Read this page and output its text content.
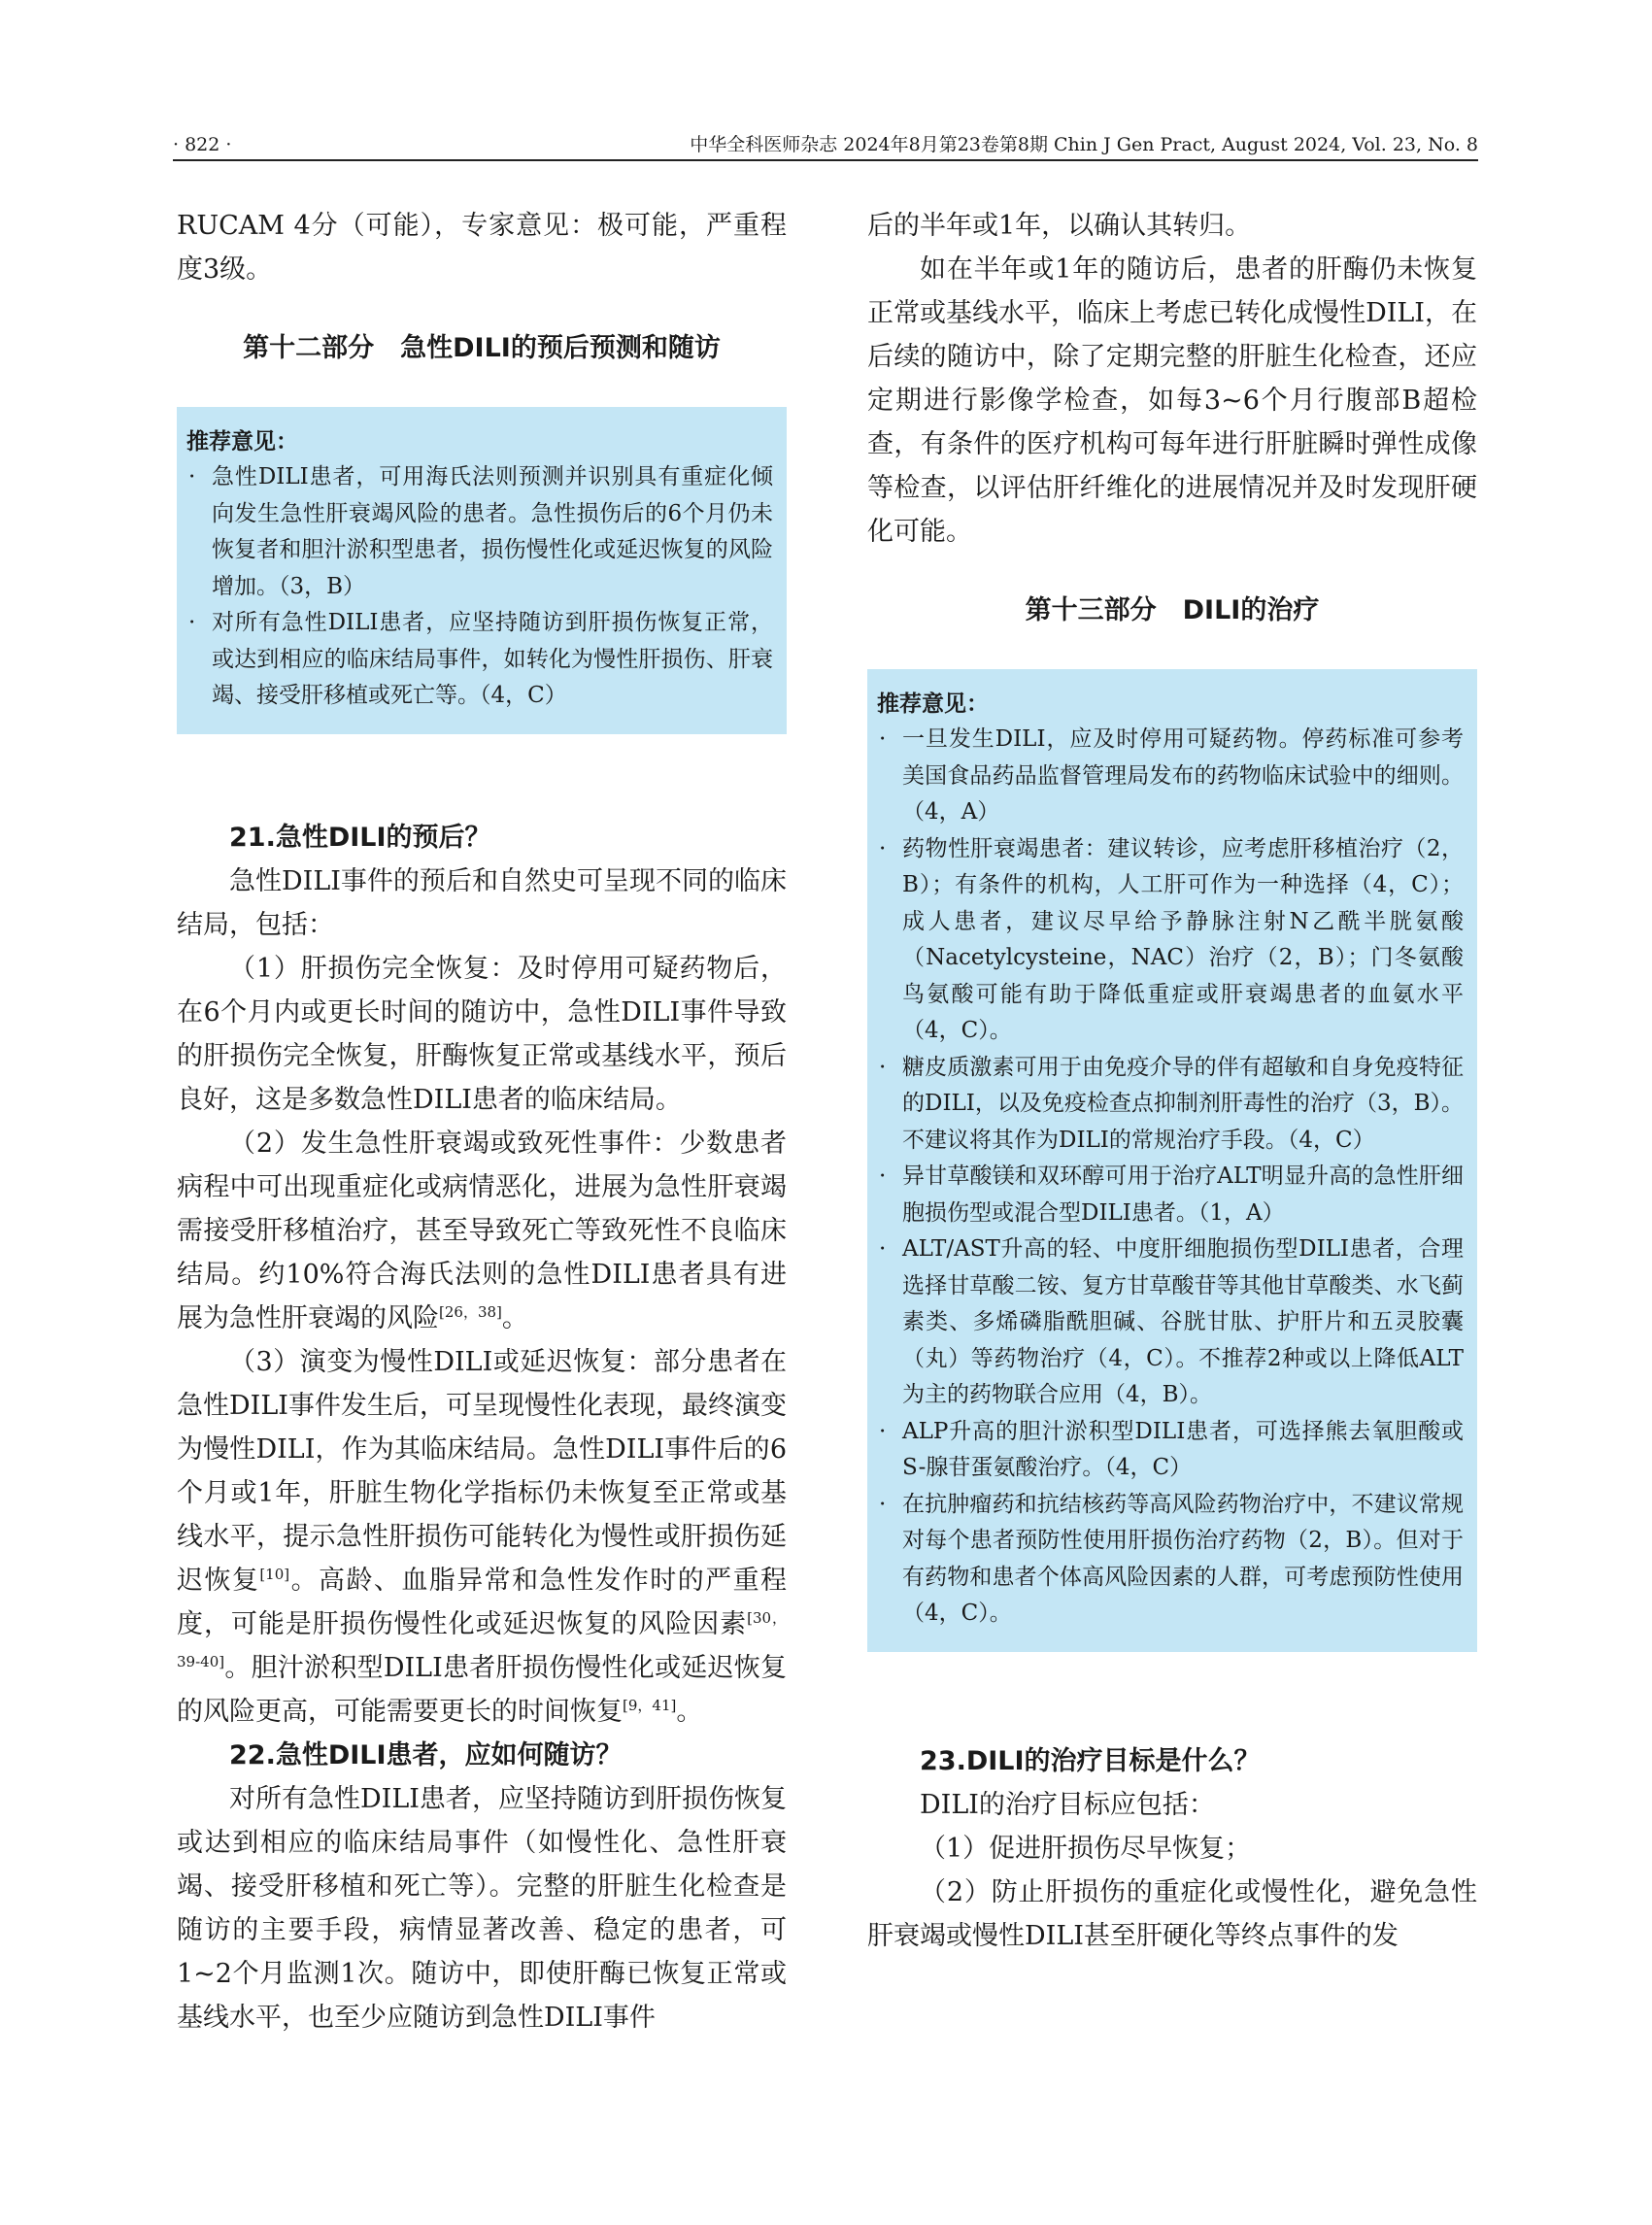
· 822 ·	中华全科医师杂志 2024年8月第23卷第8期 Chin J Gen Pract, August 2024, Vol. 23, No. 8

RUCAM 4分（可能），专家意见：极可能，严重程度3级。

第十二部分　急性DILI的预后预测和随访
推荐意见：
· 急性DILI患者，可用海氏法则预测并识别具有重症化倾向发生急性肝衰竭风险的患者。急性损伤后的6个月仍未恢复者和胆汁淤积型患者，损伤慢性化或延迟恢复的风险增加。（3，B）
· 对所有急性DILI患者，应坚持随访到肝损伤恢复正常，或达到相应的临床结局事件，如转化为慢性肝损伤、肝衰竭、接受肝移植或死亡等。（4，C）
21.急性DILI的预后？

急性DILI事件的预后和自然史可呈现不同的临床结局，包括：

（1）肝损伤完全恢复：及时停用可疑药物后，在6个月内或更长时间的随访中，急性DILI事件导致的肝损伤完全恢复，肝酶恢复正常或基线水平，预后良好，这是多数急性DILI患者的临床结局。

（2）发生急性肝衰竭或致死性事件：少数患者病程中可出现重症化或病情恶化，进展为急性肝衰竭需接受肝移植治疗，甚至导致死亡等致死性不良临床结局。约10%符合海氏法则的急性DILI患者具有进展为急性肝衰竭的风险[26，38]。

（3）演变为慢性DILI或延迟恢复：部分患者在急性DILI事件发生后，可呈现慢性化表现，最终演变为慢性DILI，作为其临床结局。急性DILI事件后的6个月或1年，肝脏生物化学指标仍未恢复至正常或基线水平，提示急性肝损伤可能转化为慢性或肝损伤延迟恢复[10]。高龄、血脂异常和急性发作时的严重程度，可能是肝损伤慢性化或延迟恢复的风险因素[30，39-40]。胆汁淤积型DILI患者肝损伤慢性化或延迟恢复的风险更高，可能需要更长的时间恢复[9，41]。

22.急性DILI患者，应如何随访？

对所有急性DILI患者，应坚持随访到肝损伤恢复或达到相应的临床结局事件（如慢性化、急性肝衰竭、接受肝移植和死亡等）。完整的肝脏生化检查是随访的主要手段，病情显著改善、稳定的患者，可1~2个月监测1次。随访中，即使肝酶已恢复正常或基线水平，也至少应随访到急性DILI事件

后的半年或1年，以确认其转归。

如在半年或1年的随访后，患者的肝酶仍未恢复正常或基线水平，临床上考虑已转化成慢性DILI，在后续的随访中，除了定期完整的肝脏生化检查，还应定期进行影像学检查，如每3~6个月行腹部B超检查，有条件的医疗机构可每年进行肝脏瞬时弹性成像等检查，以评估肝纤维化的进展情况并及时发现肝硬化可能。

第十三部分　DILI的治疗
推荐意见：
· 一旦发生DILI，应及时停用可疑药物。停药标准可参考美国食品药品监督管理局发布的药物临床试验中的细则。（4，A）
· 药物性肝衰竭患者：建议转诊，应考虑肝移植治疗（2，B）；有条件的机构，人工肝可作为一种选择（4，C）；成人患者，建议尽早给予静脉注射N乙酰半胱氨酸（Nacetylcysteine，NAC）治疗（2，B）；门冬氨酸鸟氨酸可能有助于降低重症或肝衰竭患者的血氨水平（4，C）。
· 糖皮质激素可用于由免疫介导的伴有超敏和自身免疫特征的DILI，以及免疫检查点抑制剂肝毒性的治疗（3，B）。不建议将其作为DILI的常规治疗手段。（4，C）
· 异甘草酸镁和双环醇可用于治疗ALT明显升高的急性肝细胞损伤型或混合型DILI患者。（1，A）
· ALT/AST升高的轻、中度肝细胞损伤型DILI患者，合理选择甘草酸二铵、复方甘草酸苷等其他甘草酸类、水飞蓟素类、多烯磷脂酰胆碱、谷胱甘肽、护肝片和五灵胶囊（丸）等药物治疗（4，C）。不推荐2种或以上降低ALT为主的药物联合应用（4，B）。
· ALP升高的胆汁淤积型DILI患者，可选择熊去氧胆酸或S-腺苷蛋氨酸治疗。（4，C）
· 在抗肿瘤药和抗结核药等高风险药物治疗中，不建议常规对每个患者预防性使用肝损伤治疗药物（2，B）。但对于有药物和患者个体高风险因素的人群，可考虑预防性使用（4，C）。
23.DILI的治疗目标是什么？

DILI的治疗目标应包括：

（1）促进肝损伤尽早恢复；

（2）防止肝损伤的重症化或慢性化，避免急性肝衰竭或慢性DILI甚至肝硬化等终点事件的发
